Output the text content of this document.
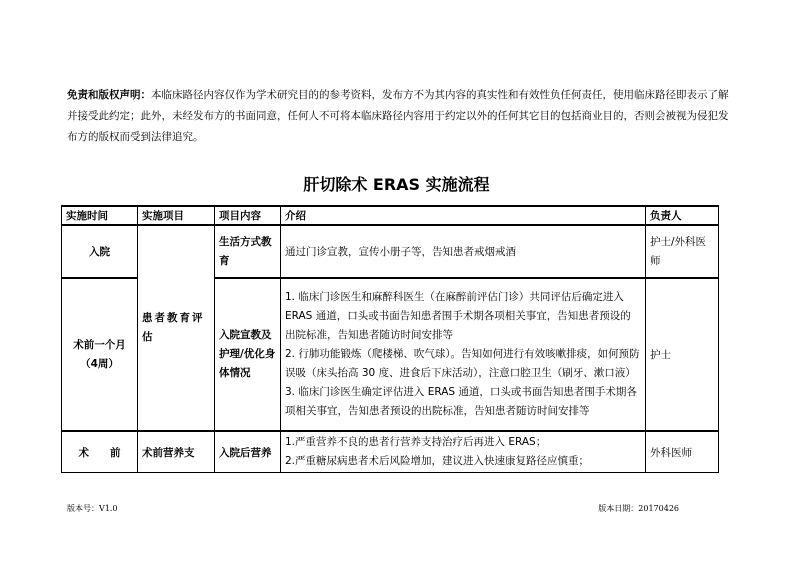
免责和版权声明：本临床路径内容仅作为学术研究目的的参考资料，发布方不为其内容的真实性和有效性负任何责任，使用临床路径即表示了解并接受此约定；此外，未经发布方的书面同意，任何人不可将本临床路径内容用于约定以外的任何其它目的包括商业目的，否则会被视为侵犯发布方的版权而受到法律追究。
肝切除术 ERAS 实施流程
实施时间	实施项目	项目内容	介绍	负责人
入院	患者教育评估	生活方式教育	通过门诊宣教，宣传小册子等，告知患者戒烟戒酒	护士/外科医师
术前一个月（4周）		入院宣教及护理/优化身体情况	1. 临床门诊医生和麻醉科医生（在麻醉前评估门诊）共同评估后确定进入 ERAS 通道，口头或书面告知患者围手术期各项相关事宜，告知患者预设的出院标准，告知患者随访时间安排等
2. 行肺功能锻炼（爬楼梯、吹气球）。告知如何进行有效咳嗽排痰，如何预防误吸（床头抬高 30 度、进食后下床活动），注意口腔卫生（刷牙、漱口液）
3. 临床门诊医生确定评估进入 ERAS 通道，口头或书面告知患者围手术期各项相关事宜，告知患者预设的出院标准，告知患者随访时间安排等	护士
术　　前	术前营养支	入院后营养	1.严重营养不良的患者行营养支持治疗后再进入 ERAS；
2.严重糖尿病患者术后风险增加，建议进入快速康复路径应慎重；	外科医师
版本号：V1.0	版本日期：20170426
